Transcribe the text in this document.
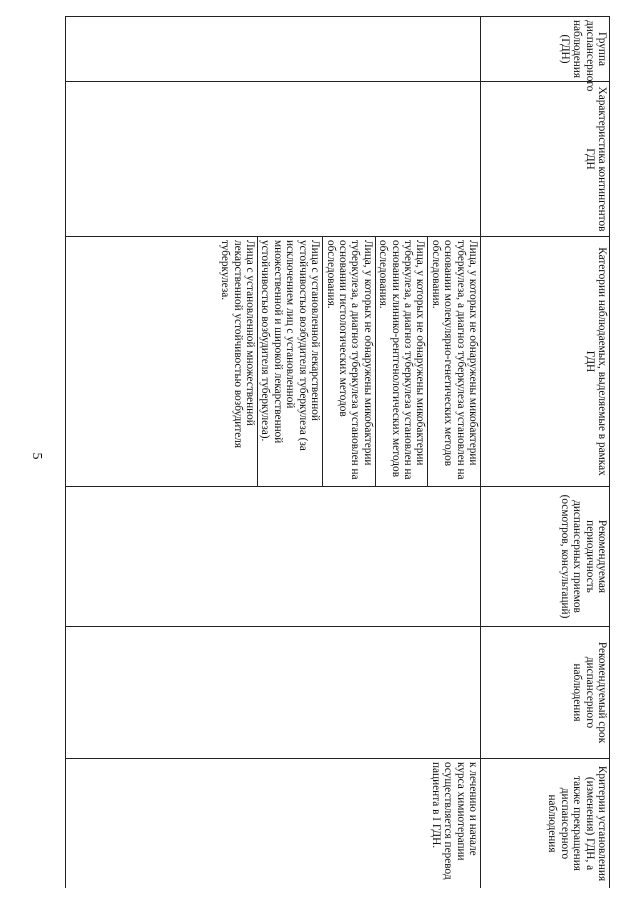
5
Группа диспансерного наблюдения (ГДН)	Характеристика контингентов ГДН	Категории наблюдаемых, выделяемые в рамках ГДН	Рекомендуемая периодичность диспансерных приемов (осмотров, консультаций)	Рекомендуемый срок диспансерного наблюдения	Критерии установления (изменения) ГДН, а также прекращения диспансерного наблюдения

		Лица, у которых не обнаружены микобактерии туберкулеза, а диагноз туберкулеза установлен на основании молекулярно-генетических методов обследования.
Лица, у которых не обнаружены микобактерии туберкулеза, а диагноз туберкулеза установлен на основании клинико-рентгенологических методов обследования.
Лица, у которых не обнаружены микобактерии туберкулеза, а диагноз туберкулеза установлен на основании гистологических методов обследования.
Лица с установленной лекарственной устойчивостью возбудителя туберкулеза (за исключением лиц с установленной множественной и широкой лекарственной устойчивостью возбудителя туберкулеза).
Лица с установленной множественной лекарственной устойчивостью возбудителя туберкулеза.			к лечению и начале курса химиотерапии осуществляется перевод пациента в I ГДН.
